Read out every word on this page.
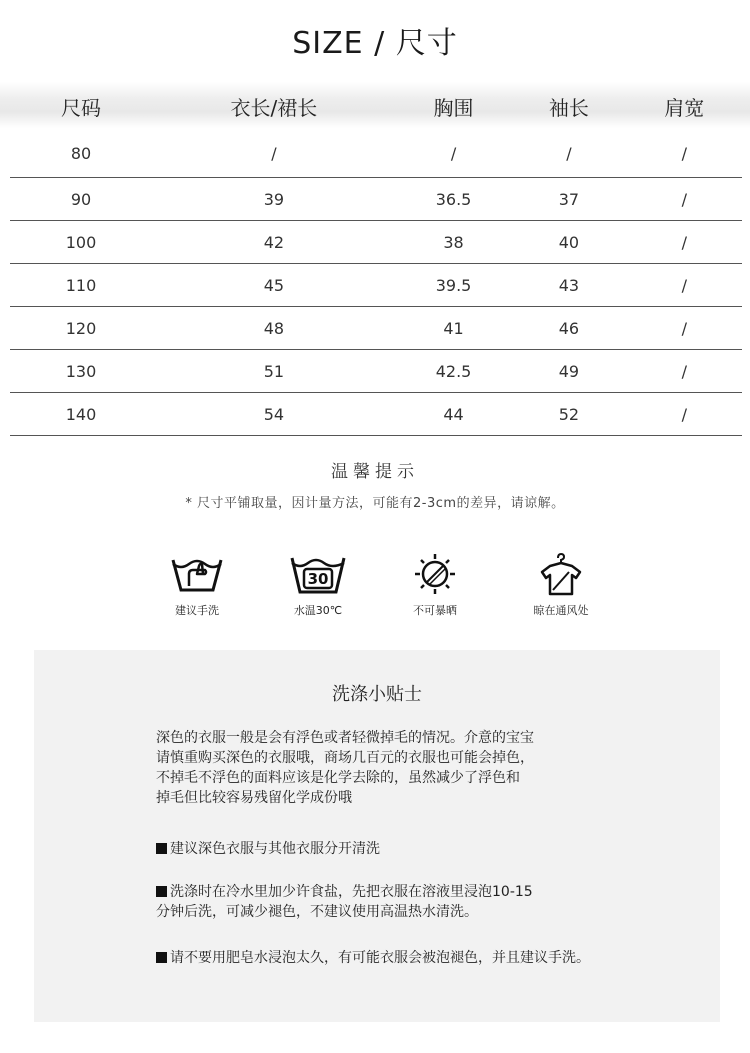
SIZE / 尺寸
尺码	衣长/裙长	胸围	袖长	肩宽
80	/	/	/	/
90	39	36.5	37	/
100	42	38	40	/
110	45	39.5	43	/
120	48	41	46	/
130	51	42.5	49	/
140	54	44	52	/
温馨提示
* 尺寸平铺取量，因计量方法，可能有2-3cm的差异，请谅解。
建议手洗
30
水温30℃	不可暴晒	晾在通风处
洗涤小贴士

深色的衣服一般是会有浮色或者轻微掉毛的情况。介意的宝宝
请慎重购买深色的衣服哦，商场几百元的衣服也可能会掉色，
不掉毛不浮色的面料应该是化学去除的，虽然减少了浮色和
掉毛但比较容易残留化学成份哦

建议深色衣服与其他衣服分开清洗

洗涤时在冷水里加少许食盐，先把衣服在溶液里浸泡10-15
分钟后洗，可减少褪色，不建议使用高温热水清洗。

请不要用肥皂水浸泡太久，有可能衣服会被泡褪色，并且建议手洗。
